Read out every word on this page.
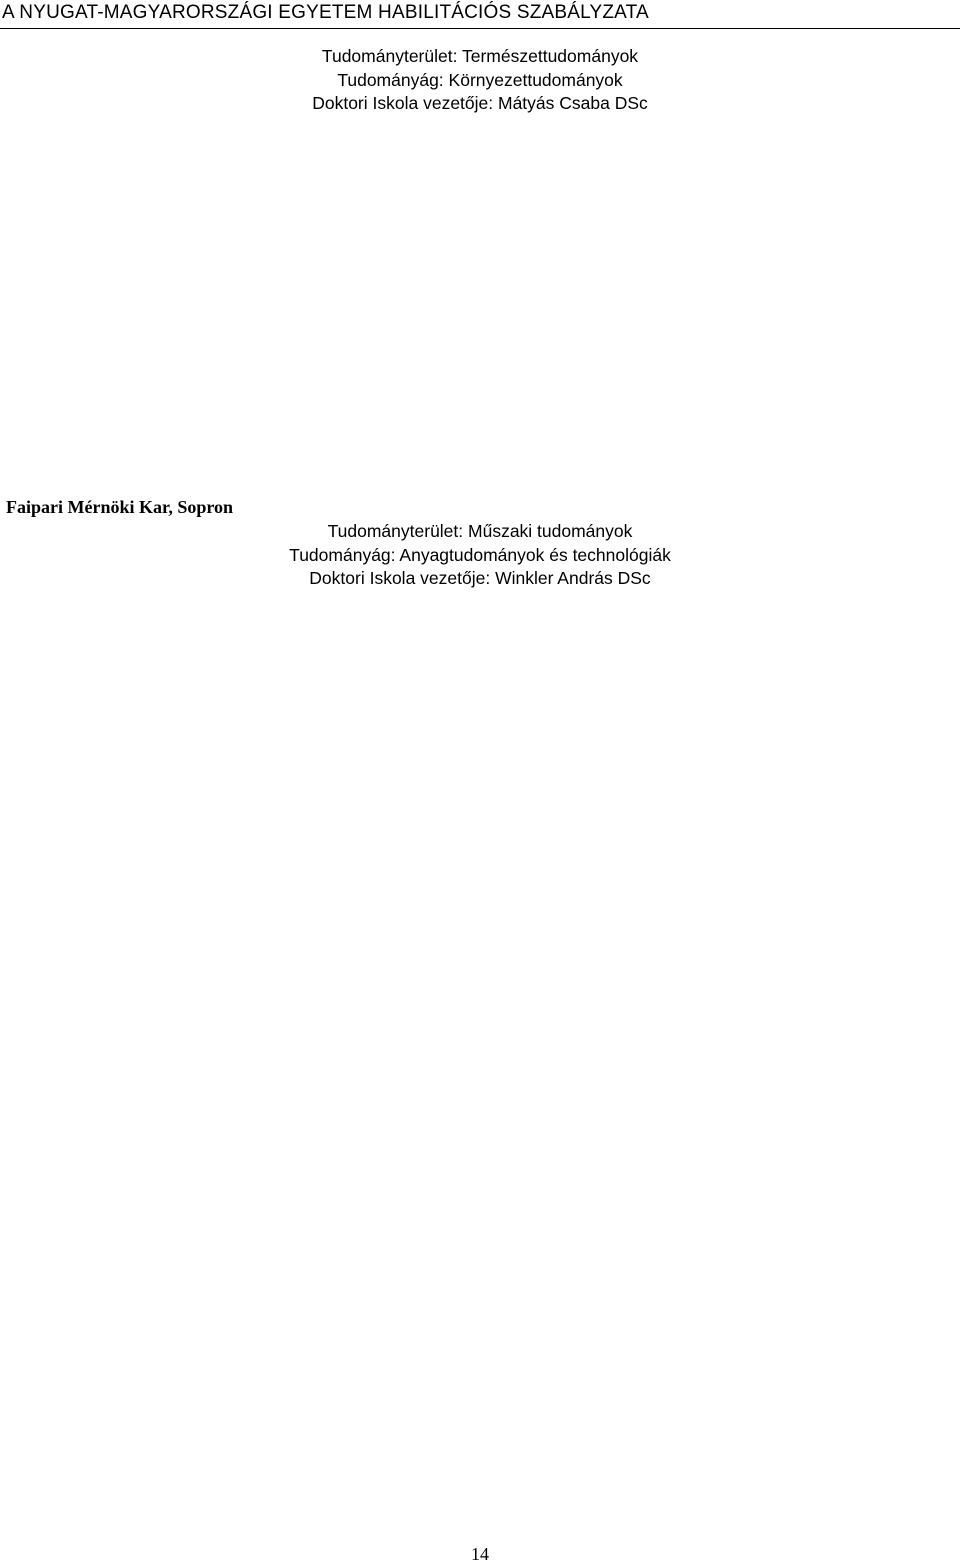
A NYUGAT-MAGYARORSZÁGI EGYETEM HABILITÁCIÓS SZABÁLYZATA
Tudományterület: Természettudományok
Tudományág: Környezettudományok
Doktori Iskola vezetője: Mátyás Csaba DSc
Faipari Mérnöki Kar, Sopron
Tudományterület: Műszaki tudományok
Tudományág: Anyagtudományok és technológiák
Doktori Iskola vezetője: Winkler András DSc
14
